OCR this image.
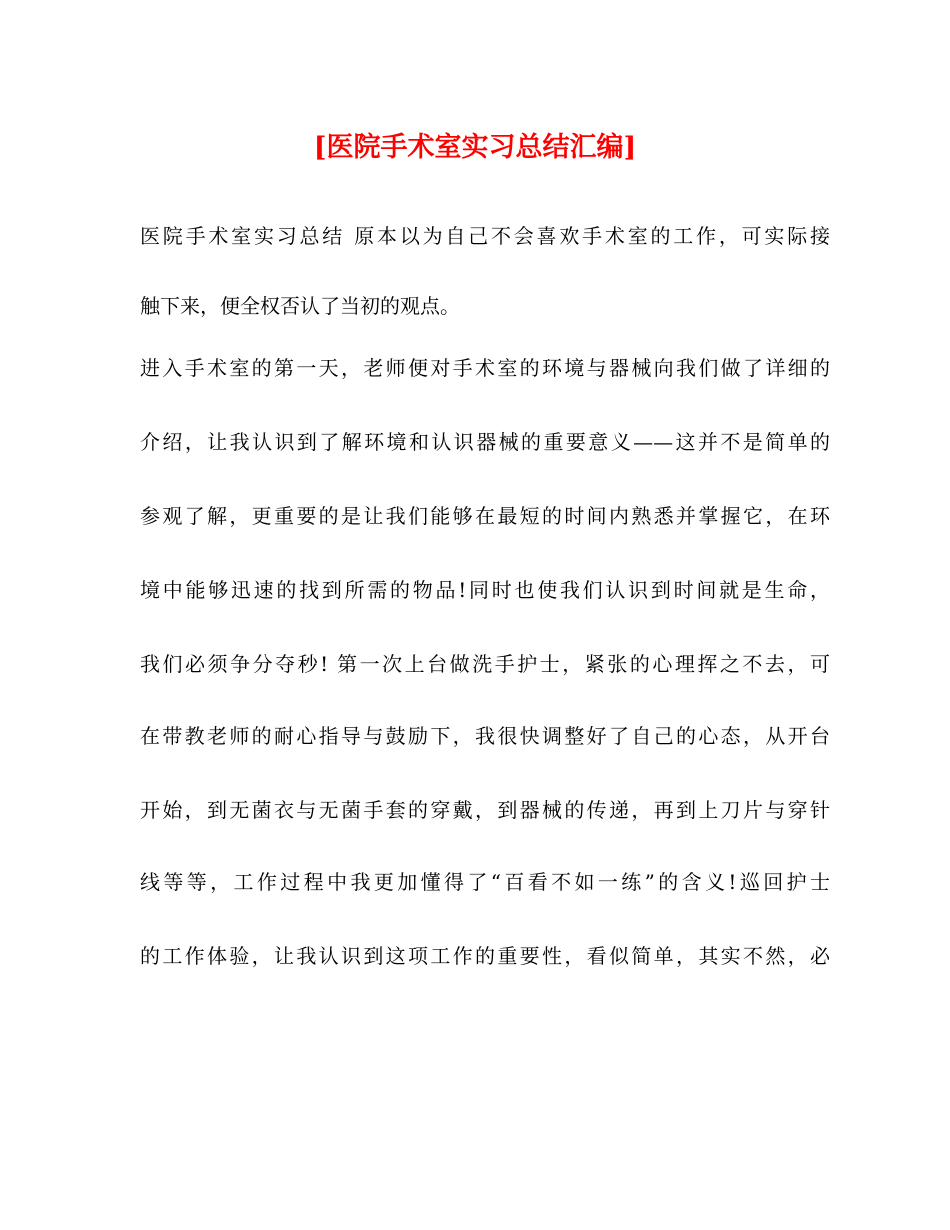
[医院手术室实习总结汇编]

医院手术室实习总结 原本以为自己不会喜欢手术室的工作，可实际接

触下来，便全权否认了当初的观点。

进入手术室的第一天，老师便对手术室的环境与器械向我们做了详细的

介绍，让我认识到了解环境和认识器械的重要意义——这并不是简单的

参观了解，更重要的是让我们能够在最短的时间内熟悉并掌握它，在环

境中能够迅速的找到所需的物品!同时也使我们认识到时间就是生命，

我们必须争分夺秒! 第一次上台做洗手护士，紧张的心理挥之不去，可

在带教老师的耐心指导与鼓励下，我很快调整好了自己的心态，从开台

开始，到无菌衣与无菌手套的穿戴，到器械的传递，再到上刀片与穿针

线等等，工作过程中我更加懂得了“百看不如一练”的含义!巡回护士

的工作体验，让我认识到这项工作的重要性，看似简单，其实不然，必
